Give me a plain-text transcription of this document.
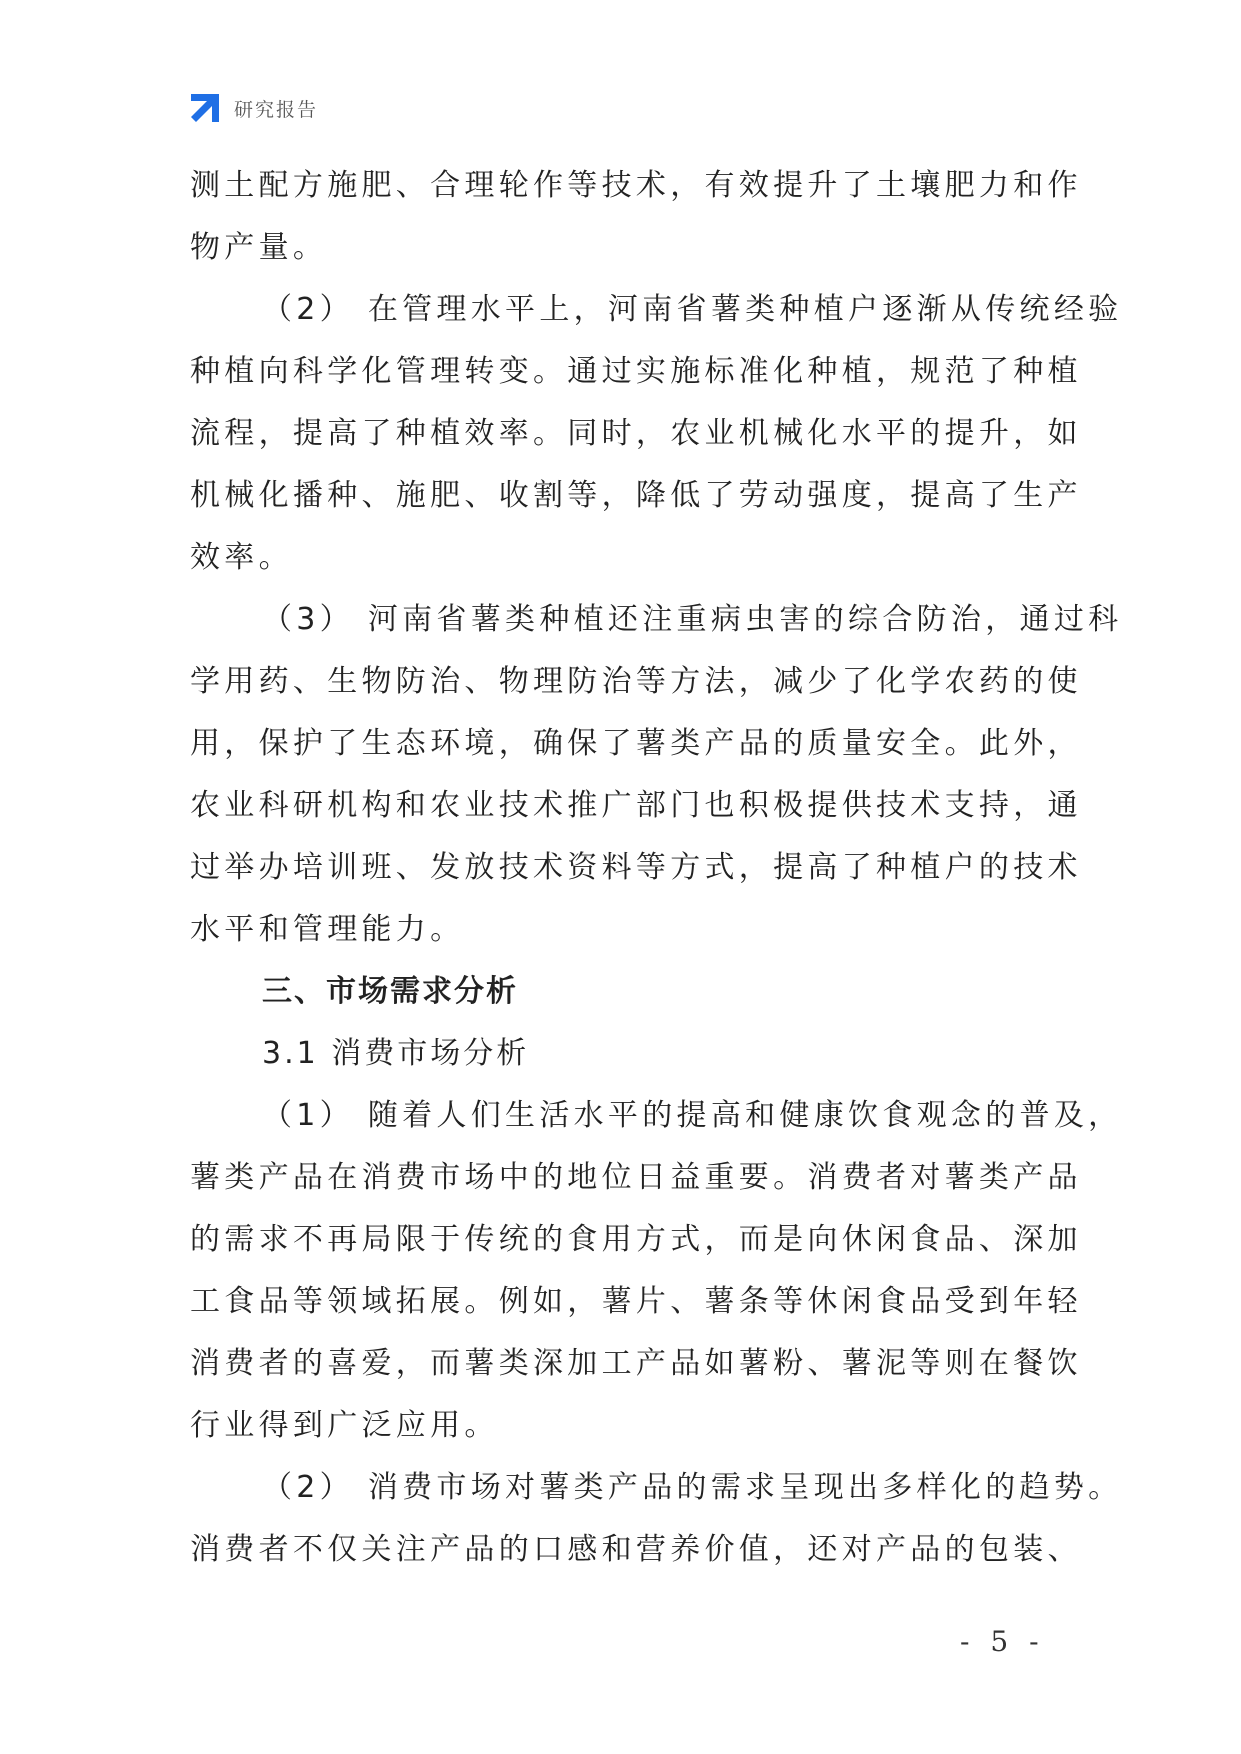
研究报告
测土配方施肥、合理轮作等技术，有效提升了土壤肥力和作
物产量。
（2） 在管理水平上，河南省薯类种植户逐渐从传统经验
种植向科学化管理转变。通过实施标准化种植，规范了种植
流程，提高了种植效率。同时，农业机械化水平的提升，如
机械化播种、施肥、收割等，降低了劳动强度，提高了生产
效率。
（3） 河南省薯类种植还注重病虫害的综合防治，通过科
学用药、生物防治、物理防治等方法，减少了化学农药的使
用，保护了生态环境，确保了薯类产品的质量安全。此外，
农业科研机构和农业技术推广部门也积极提供技术支持，通
过举办培训班、发放技术资料等方式，提高了种植户的技术
水平和管理能力。
三、市场需求分析
3.1 消费市场分析
（1） 随着人们生活水平的提高和健康饮食观念的普及，
薯类产品在消费市场中的地位日益重要。消费者对薯类产品
的需求不再局限于传统的食用方式，而是向休闲食品、深加
工食品等领域拓展。例如，薯片、薯条等休闲食品受到年轻
消费者的喜爱，而薯类深加工产品如薯粉、薯泥等则在餐饮
行业得到广泛应用。
（2） 消费市场对薯类产品的需求呈现出多样化的趋势。
消费者不仅关注产品的口感和营养价值，还对产品的包装、
- 5 -
